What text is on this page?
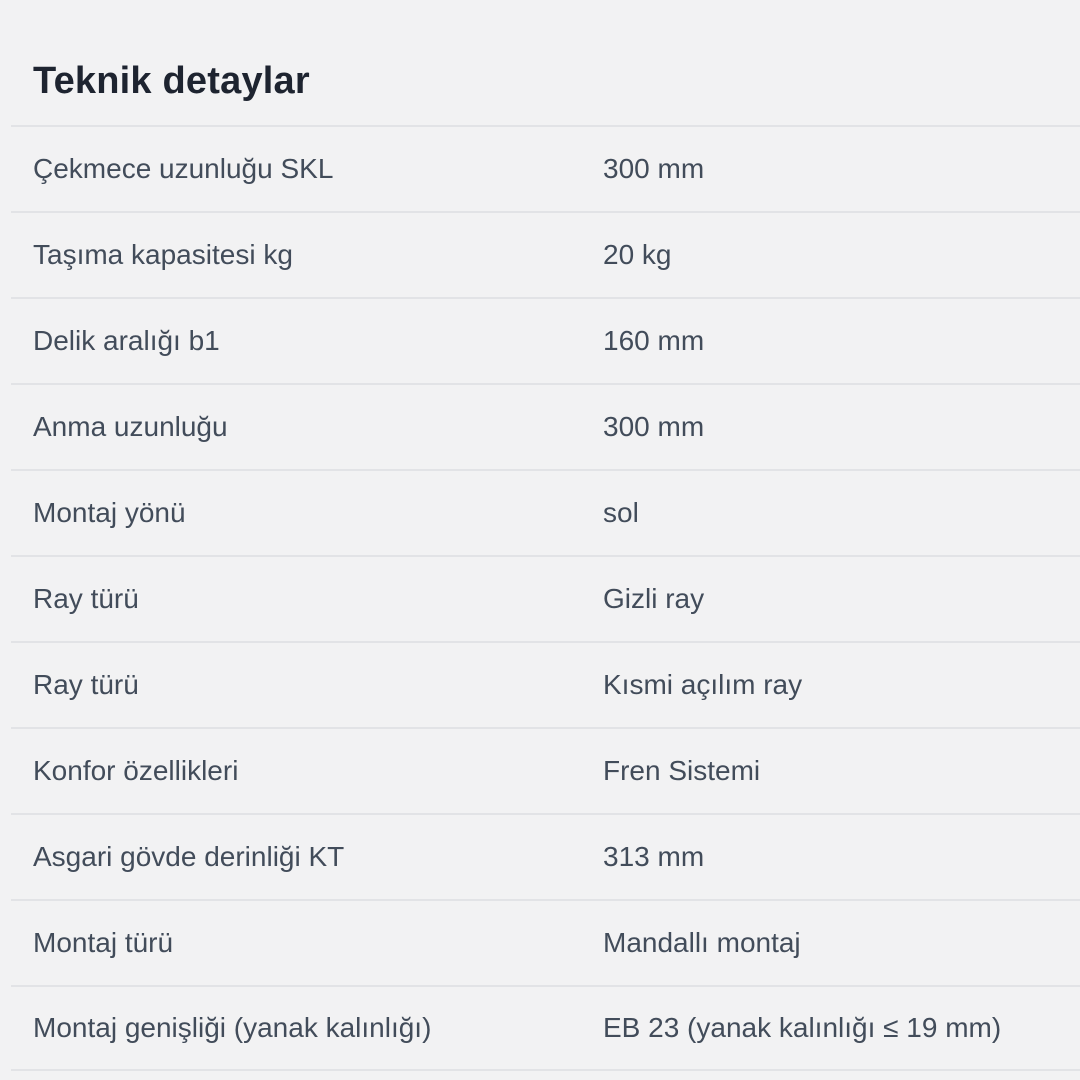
Teknik detaylar
Çekmece uzunluğu SKL	300 mm
Taşıma kapasitesi kg	20 kg
Delik aralığı b1	160 mm
Anma uzunluğu	300 mm
Montaj yönü	sol
Ray türü	Gizli ray
Ray türü	Kısmi açılım ray
Konfor özellikleri	Fren Sistemi
Asgari gövde derinliği KT	313 mm
Montaj türü	Mandallı montaj
Montaj genişliği (yanak kalınlığı)	EB 23 (yanak kalınlığı ≤ 19 mm)
